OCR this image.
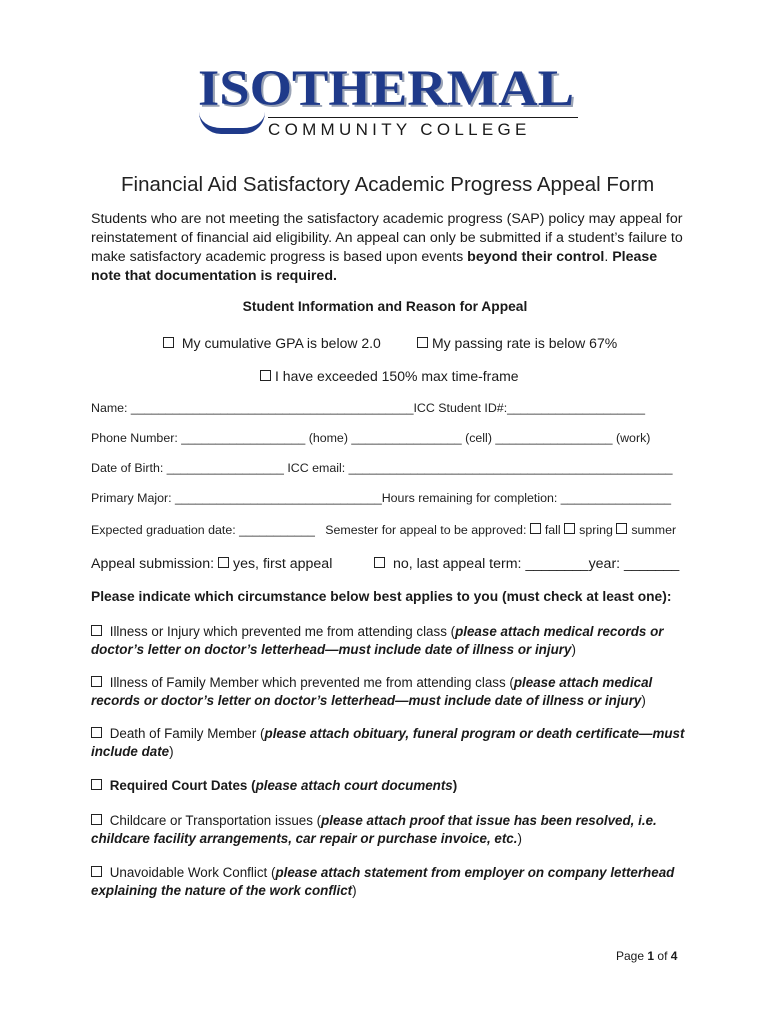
ISOTHERMAL
COMMUNITY COLLEGE
Financial Aid Satisfactory Academic Progress Appeal Form
Students who are not meeting the satisfactory academic progress (SAP) policy may appeal for reinstatement of financial aid eligibility. An appeal can only be submitted if a student’s failure to make satisfactory academic progress is based upon events beyond their control. Please note that documentation is required.
Student Information and Reason for Appeal
My cumulative GPA is below 2.0	My passing rate is below 67%
I have exceeded 150% max time-frame
Name: _________________________________________ICC Student ID#:____________________
Phone Number: __________________ (home) ________________ (cell) _________________ (work)
Date of Birth: _________________ ICC email: _______________________________________________
Primary Major: ______________________________Hours remaining for completion: ________________
Expected graduation date: ___________ Semester for appeal to be approved: fall spring summer
Appeal submission: yes, first appeal	no, last appeal term: ________year: _______
Please indicate which circumstance below best applies to you (must check at least one):
Illness or Injury which prevented me from attending class (please attach medical records or doctor’s letter on doctor’s letterhead—must include date of illness or injury)
Illness of Family Member which prevented me from attending class (please attach medical records or doctor’s letter on doctor’s letterhead—must include date of illness or injury)
Death of Family Member (please attach obituary, funeral program or death certificate—must include date)
Required Court Dates (please attach court documents)
Childcare or Transportation issues (please attach proof that issue has been resolved, i.e. childcare facility arrangements, car repair or purchase invoice, etc.)
Unavoidable Work Conflict (please attach statement from employer on company letterhead explaining the nature of the work conflict)
Page 1 of 4
